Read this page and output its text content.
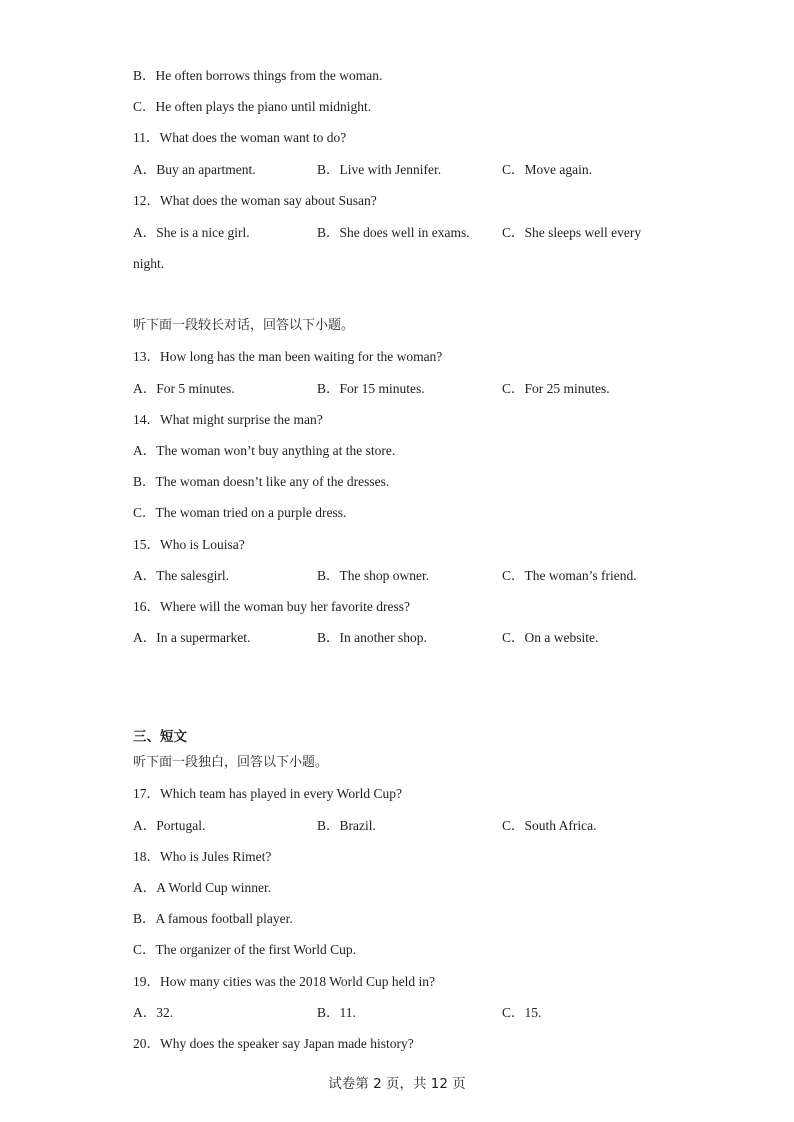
B．He often borrows things from the woman.
C．He often plays the piano until midnight.
11．What does the woman want to do?
A．Buy an apartment.	B．Live with Jennifer.	C．Move again.
12．What does the woman say about Susan?
A．She is a nice girl.	B．She does well in exams. C．She sleeps well every
night.
听下面一段较长对话，回答以下小题。
13．How long has the man been waiting for the woman?
A．For 5 minutes.	B．For 15 minutes.	C．For 25 minutes.
14．What might surprise the man?
A．The woman won’t buy anything at the store.
B．The woman doesn’t like any of the dresses.
C．The woman tried on a purple dress.
15．Who is Louisa?
A．The salesgirl.	B．The shop owner.	C．The woman’s friend.
16．Where will the woman buy her favorite dress?
A．In a supermarket.	B．In another shop.	C．On a website.
三、短文
听下面一段独白，回答以下小题。
17．Which team has played in every World Cup?
A．Portugal.	B．Brazil.	C．South Africa.
18．Who is Jules Rimet?
A．A World Cup winner.
B．A famous football player.
C．The organizer of the first World Cup.
19．How many cities was the 2018 World Cup held in?
A．32.	B．11.	C．15.
20．Why does the speaker say Japan made history?
试卷第 2 页，共 12 页
